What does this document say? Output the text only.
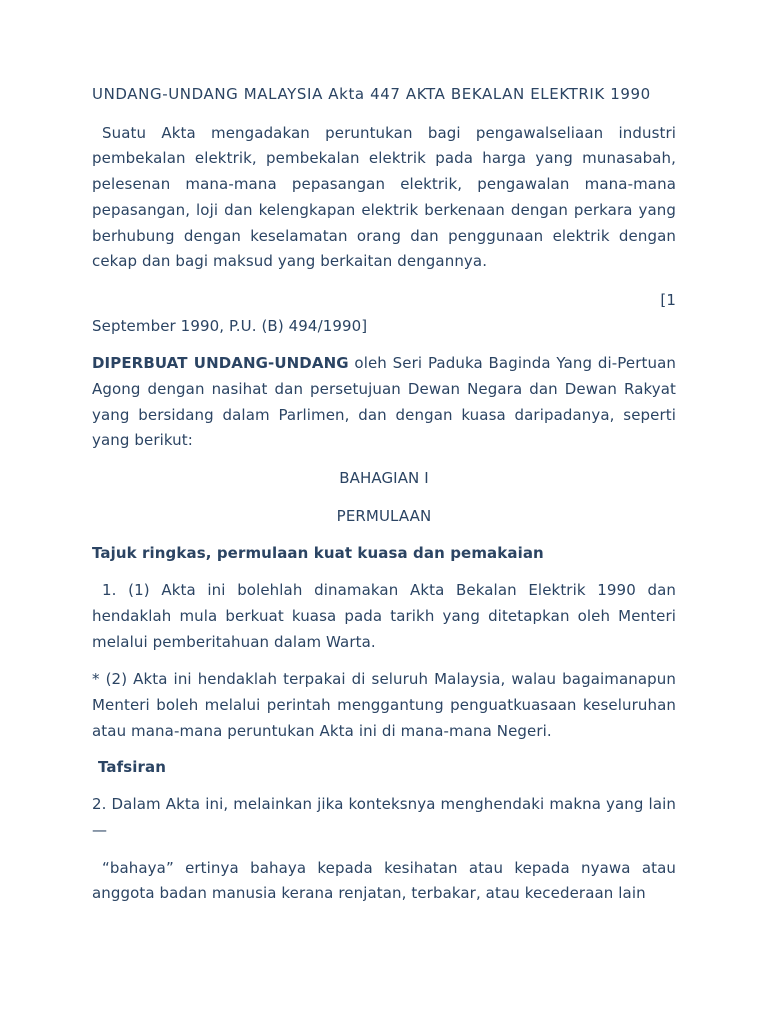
UNDANG-UNDANG MALAYSIA Akta 447 AKTA BEKALAN ELEKTRIK 1990

Suatu Akta mengadakan peruntukan bagi pengawalseliaan industri pembekalan elektrik, pembekalan elektrik pada harga yang munasabah, pelesenan mana-mana pepasangan elektrik, pengawalan mana-mana pepasangan, loji dan kelengkapan elektrik berkenaan dengan perkara yang berhubung dengan keselamatan orang dan penggunaan elektrik dengan cekap dan bagi maksud yang berkaitan dengannya.

[1

September 1990, P.U. (B) 494/1990]

DIPERBUAT UNDANG-UNDANG oleh Seri Paduka Baginda Yang di-Pertuan Agong dengan nasihat dan persetujuan Dewan Negara dan Dewan Rakyat yang bersidang dalam Parlimen, dan dengan kuasa daripadanya, seperti yang berikut:

BAHAGIAN I

PERMULAAN

Tajuk ringkas, permulaan kuat kuasa dan pemakaian

1. (1) Akta ini bolehlah dinamakan Akta Bekalan Elektrik 1990 dan hendaklah mula berkuat kuasa pada tarikh yang ditetapkan oleh Menteri melalui pemberitahuan dalam Warta.

* (2) Akta ini hendaklah terpakai di seluruh Malaysia, walau bagaimanapun Menteri boleh melalui perintah menggantung penguatkuasaan keseluruhan atau mana-mana peruntukan Akta ini di mana-mana Negeri.

Tafsiran

2. Dalam Akta ini, melainkan jika konteksnya menghendaki makna yang lain—

“bahaya” ertinya bahaya kepada kesihatan atau kepada nyawa atau anggota badan manusia kerana renjatan, terbakar, atau kecederaan lain
